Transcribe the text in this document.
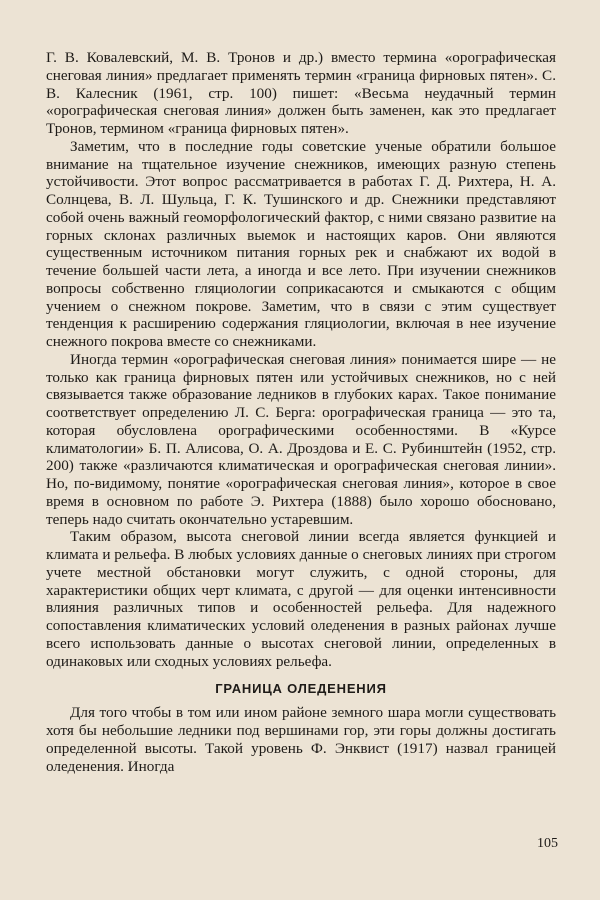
Г. В. Ковалевский, М. В. Тронов и др.) вместо термина «орографическая снеговая линия» предлагает применять термин «граница фирновых пятен». С. В. Калесник (1961, стр. 100) пишет: «Весьма неудачный термин «орографическая снеговая линия» должен быть заменен, как это предлагает Тронов, термином «граница фирновых пятен».

Заметим, что в последние годы советские ученые обратили большое внимание на тщательное изучение снежников, имеющих разную степень устойчивости. Этот вопрос рассматривается в работах Г. Д. Рихтера, Н. А. Солнцева, В. Л. Шульца, Г. К. Тушинского и др. Снежники представляют собой очень важный геоморфологический фактор, с ними связано развитие на горных склонах различных выемок и настоящих каров. Они являются существенным источником питания горных рек и снабжают их водой в течение большей части лета, а иногда и все лето. При изучении снежников вопросы собственно гляциологии соприкасаются и смыкаются с общим учением о снежном покрове. Заметим, что в связи с этим существует тенденция к расширению содержания гляциологии, включая в нее изучение снежного покрова вместе со снежниками.

Иногда термин «орографическая снеговая линия» понимается шире — не только как граница фирновых пятен или устойчивых снежников, но с ней связывается также образование ледников в глубоких карах. Такое понимание соответствует определению Л. С. Берга: орографическая граница — это та, которая обусловлена орографическими особенностями. В «Курсе климатологии» Б. П. Алисова, О. А. Дроздова и Е. С. Рубинштейн (1952, стр. 200) также «различаются климатическая и орографическая снеговая линии». Но, по-видимому, понятие «орографическая снеговая линия», которое в свое время в основном по работе Э. Рихтера (1888) было хорошо обосновано, теперь надо считать окончательно устаревшим.

Таким образом, высота снеговой линии всегда является функцией и климата и рельефа. В любых условиях данные о снеговых линиях при строгом учете местной обстановки могут служить, с одной стороны, для характеристики общих черт климата, с другой — для оценки интенсивности влияния различных типов и особенностей рельефа. Для надежного сопоставления климатических условий оледенения в разных районах лучше всего использовать данные о высотах снеговой линии, определенных в одинаковых или сходных условиях рельефа.

ГРАНИЦА ОЛЕДЕНЕНИЯ

Для того чтобы в том или ином районе земного шара могли существовать хотя бы небольшие ледники под вершинами гор, эти горы должны достигать определенной высоты. Такой уровень Ф. Энквист (1917) назвал границей оледенения. Иногда

105
